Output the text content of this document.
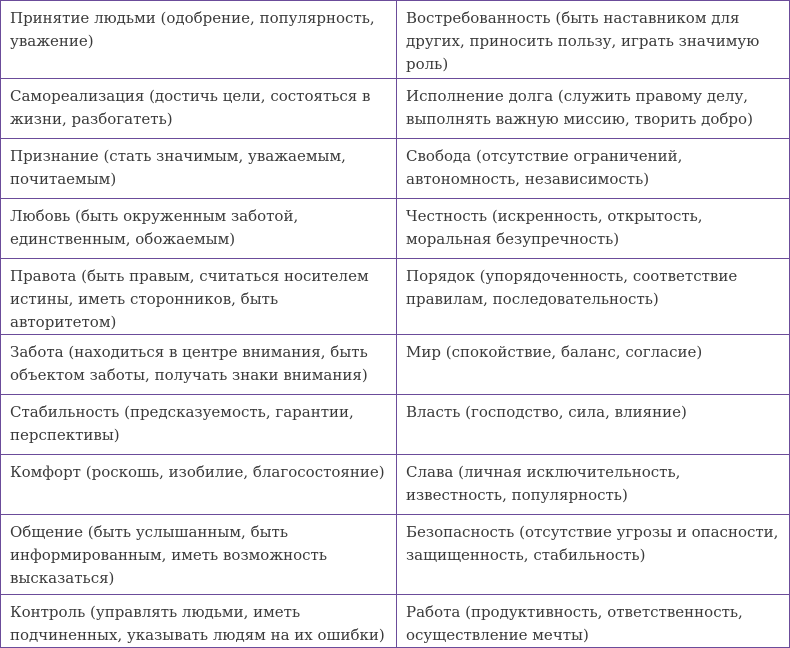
Принятие людьми (одобрение, популярность, уважение)	Востребованность (быть наставником для других, приносить пользу, играть значимую роль)
Самореализация (достичь цели, состояться в жизни, разбогатеть)	Исполнение долга (служить правому делу, выполнять важную миссию, творить добро)
Признание (стать значимым, уважаемым, почитаемым)	Свобода (отсутствие ограничений, автономность, независимость)
Любовь (быть окруженным заботой, единственным, обожаемым)	Честность (искренность, открытость, моральная безупречность)
Правота (быть правым, считаться носителем истины, иметь сторонников, быть авторитетом)	Порядок (упорядоченность, соответствие правилам, последовательность)
Забота (находиться в центре внимания, быть объектом заботы, получать знаки внимания)	Мир (спокойствие, баланс, согласие)
Стабильность (предсказуемость, гарантии, перспективы)	Власть (господство, сила, влияние)
Комфорт (роскошь, изобилие, благосостояние)	Слава (личная исключительность, известность, популярность)
Общение (быть услышанным, быть информированным, иметь возможность высказаться)	Безопасность (отсутствие угрозы и опасности, защищенность, стабильность)
Контроль (управлять людьми, иметь подчиненных, указывать людям на их ошибки)	Работа (продуктивность, ответственность, осуществление мечты)
